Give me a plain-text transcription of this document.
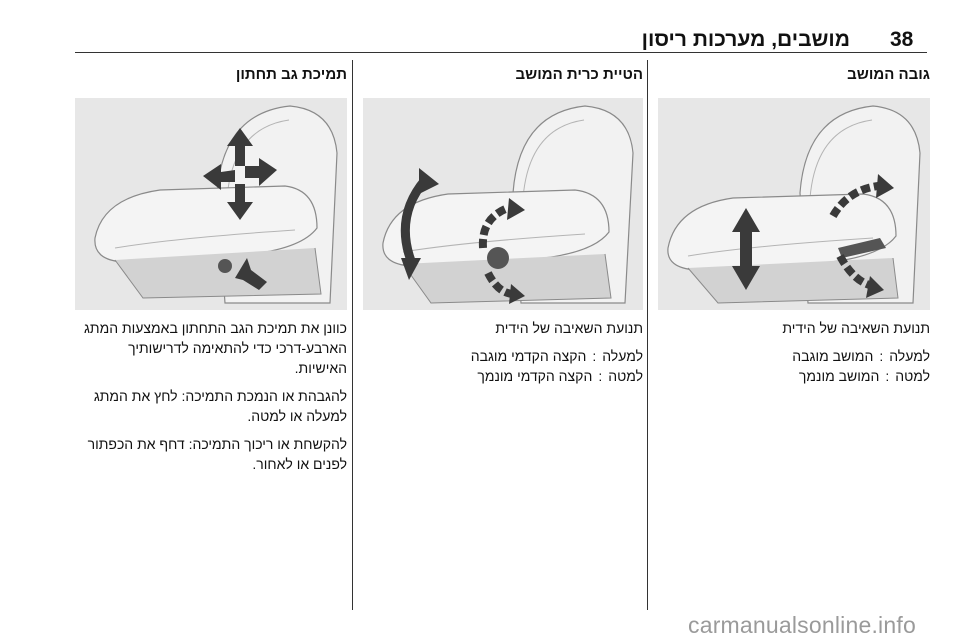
38
מושבים, מערכות ריסון
גובה המושב

תנועת השאיבה של הידית

למעלה
:
המושב מוגבה
למטה
:
המושב מונמך
הטיית כרית המושב

תנועת השאיבה של הידית

למעלה
:
הקצה הקדמי מוגבה
למטה
:
הקצה הקדמי מונמך
תמיכת גב תחתון

כוונן את תמיכת הגב התחתון באמצעות המתג הארבע-דרכי כדי להתאימה לדרישותיך האישיות.

להגבהת או הנמכת התמיכה: לחץ את המתג למעלה או למטה.

להקשחת או ריכוך התמיכה: דחף את הכפתור לפנים או לאחור.

carmanualsonline.info
